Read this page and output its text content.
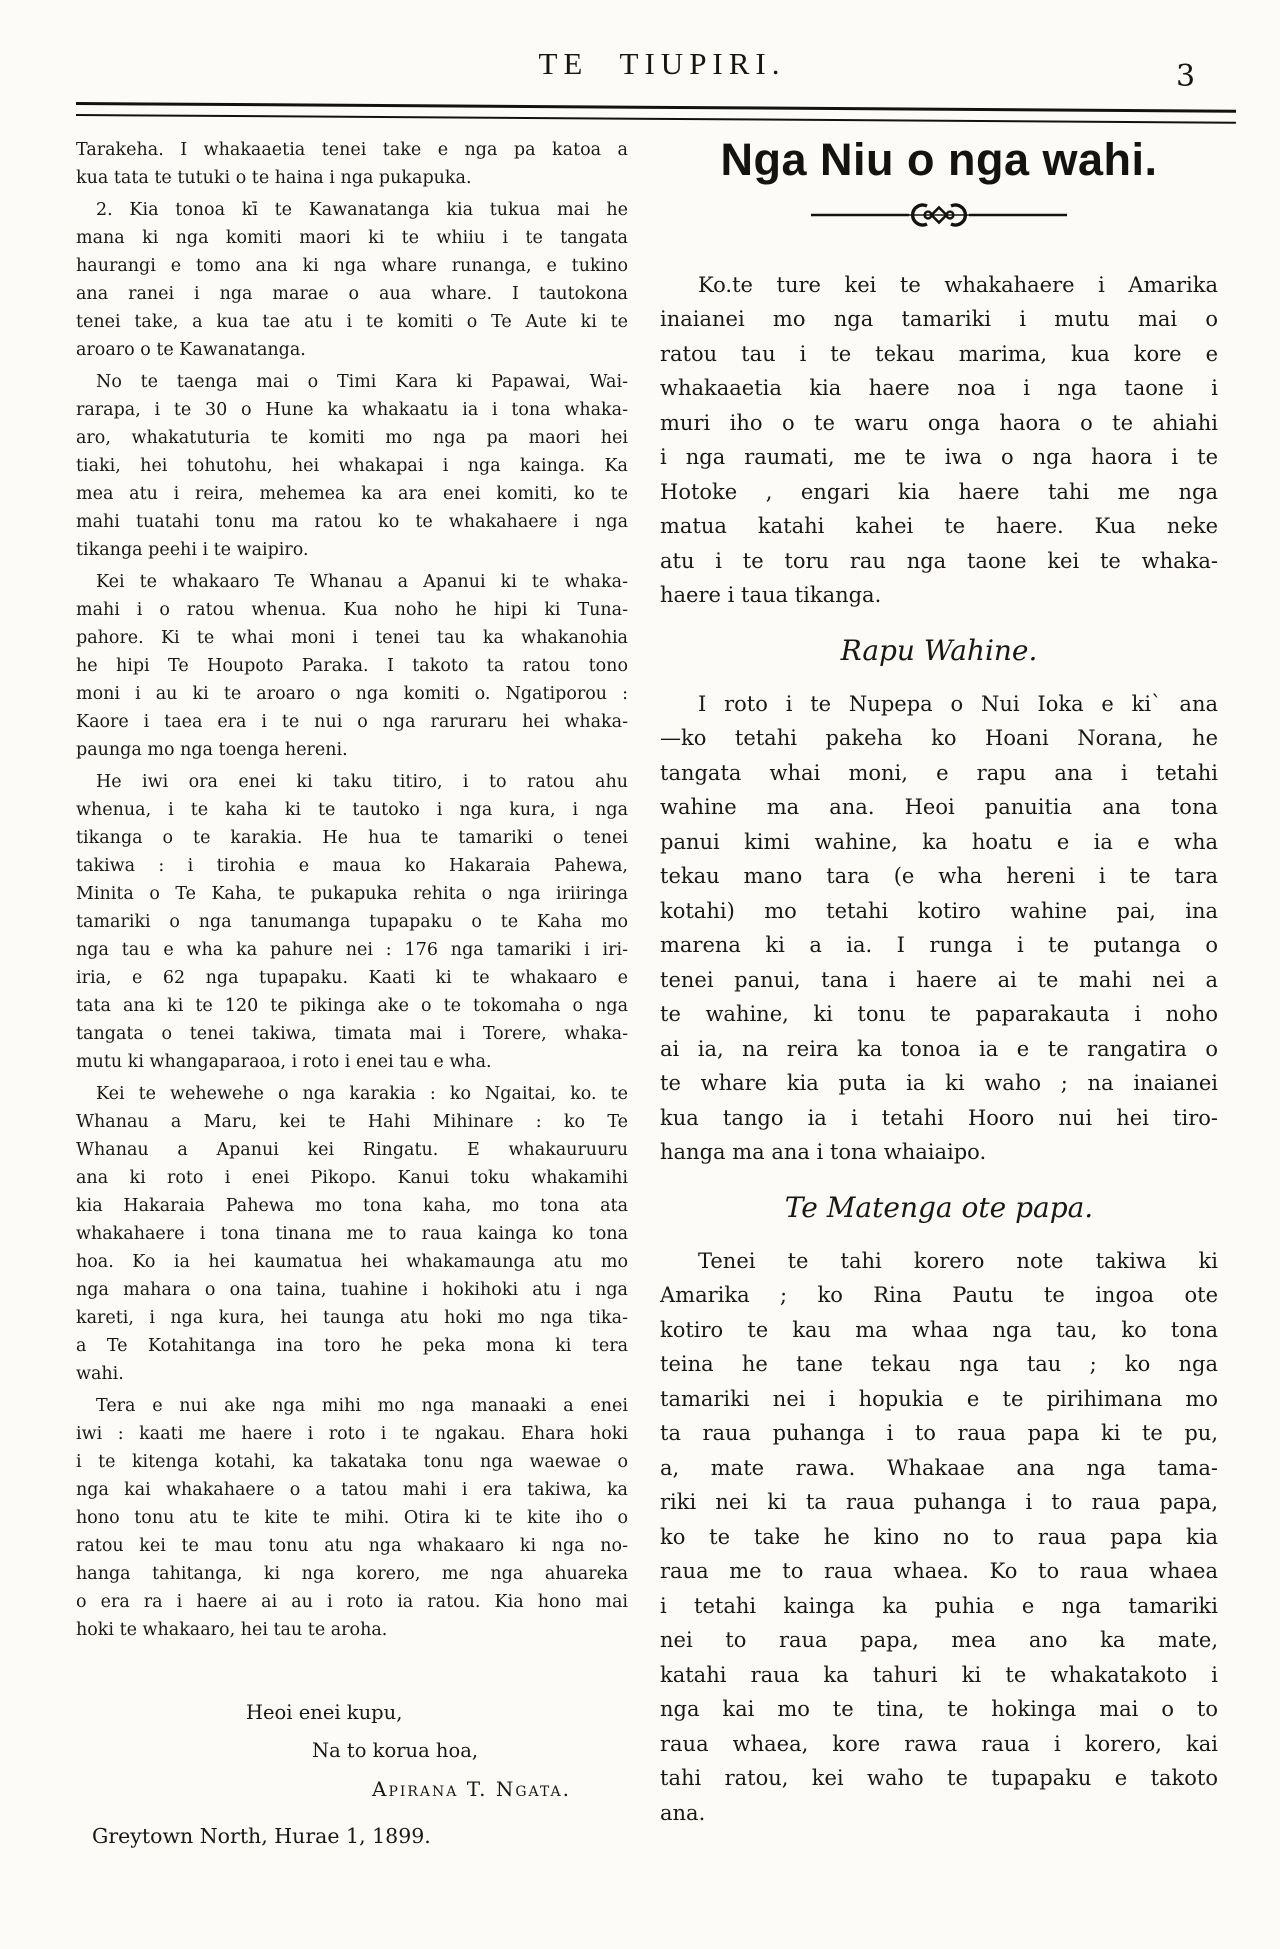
TE TIUPIRI.	3
Tarakeha. I whakaaetia tenei take e nga pa katoa a
kua tata te tutuki o te haina i nga pukapuka.
2. Kia tonoa kī te Kawanatanga kia tukua mai he
mana ki nga komiti maori ki te whiiu i te tangata
haurangi e tomo ana ki nga whare runanga, e tukino
ana ranei i nga marae o aua whare. I tautokona
tenei take, a kua tae atu i te komiti o Te Aute ki te
aroaro o te Kawanatanga.
No te taenga mai o Timi Kara ki Papawai, Wai-
rarapa, i te 30 o Hune ka whakaatu ia i tona whaka-
aro, whakatuturia te komiti mo nga pa maori hei
tiaki, hei tohutohu, hei whakapai i nga kainga. Ka
mea atu i reira, mehemea ka ara enei komiti, ko te
mahi tuatahi tonu ma ratou ko te whakahaere i nga
tikanga peehi i te waipiro.
Kei te whakaaro Te Whanau a Apanui ki te whaka-
mahi i o ratou whenua. Kua noho he hipi ki Tuna-
pahore. Ki te whai moni i tenei tau ka whakanohia
he hipi Te Houpoto Paraka. I takoto ta ratou tono
moni i au ki te aroaro o nga komiti o. Ngatiporou :
Kaore i taea era i te nui o nga raruraru hei whaka-
paunga mo nga toenga hereni.
He iwi ora enei ki taku titiro, i to ratou ahu
whenua, i te kaha ki te tautoko i nga kura, i nga
tikanga o te karakia. He hua te tamariki o tenei
takiwa : i tirohia e maua ko Hakaraia Pahewa,
Minita o Te Kaha, te pukapuka rehita o nga iriiringa
tamariki o nga tanumanga tupapaku o te Kaha mo
nga tau e wha ka pahure nei : 176 nga tamariki i iri-
iria, e 62 nga tupapaku. Kaati ki te whakaaro e
tata ana ki te 120 te pikinga ake o te tokomaha o nga
tangata o tenei takiwa, timata mai i Torere, whaka-
mutu ki whangaparaoa, i roto i enei tau e wha.
Kei te wehewehe o nga karakia : ko Ngaitai, ko. te
Whanau a Maru, kei te Hahi Mihinare : ko Te
Whanau a Apanui kei Ringatu. E whakauruuru
ana ki roto i enei Pikopo. Kanui toku whakamihi
kia Hakaraia Pahewa mo tona kaha, mo tona ata
whakahaere i tona tinana me to raua kainga ko tona
hoa. Ko ia hei kaumatua hei whakamaunga atu mo
nga mahara o ona taina, tuahine i hokihoki atu i nga
kareti, i nga kura, hei taunga atu hoki mo nga tika-
a Te Kotahitanga ina toro he peka mona ki tera
wahi.
Tera e nui ake nga mihi mo nga manaaki a enei
iwi : kaati me haere i roto i te ngakau. Ehara hoki
i te kitenga kotahi, ka takataka tonu nga waewae o
nga kai whakahaere o a tatou mahi i era takiwa, ka
hono tonu atu te kite te mihi. Otira ki te kite iho o
ratou kei te mau tonu atu nga whakaaro ki nga no-
hanga tahitanga, ki nga korero, me nga ahuareka
o era ra i haere ai au i roto ia ratou. Kia hono mai
hoki te whakaaro, hei tau te aroha.
Heoi enei kupu,
Na to korua hoa,
Apirana T. Ngata.
Greytown North, Hurae 1, 1899.
Nga Niu o nga wahi.
Ko.te ture kei te whakahaere i Amarika
inaianei mo nga tamariki i mutu mai o
ratou tau i te tekau marima, kua kore e
whakaaetia kia haere noa i nga taone i
muri iho o te waru onga haora o te ahiahi
i nga raumati, me te iwa o nga haora i te
Hotoke , engari kia haere tahi me nga
matua katahi kahei te haere. Kua neke
atu i te toru rau nga taone kei te whaka-
haere i taua tikanga.
Rapu Wahine.
I roto i te Nupepa o Nui Ioka e ki` ana
—ko tetahi pakeha ko Hoani Norana, he
tangata whai moni, e rapu ana i tetahi
wahine ma ana. Heoi panuitia ana tona
panui kimi wahine, ka hoatu e ia e wha
tekau mano tara (e wha hereni i te tara
kotahi) mo tetahi kotiro wahine pai, ina
marena ki a ia. I runga i te putanga o
tenei panui, tana i haere ai te mahi nei a
te wahine, ki tonu te paparakauta i noho
ai ia, na reira ka tonoa ia e te rangatira o
te whare kia puta ia ki waho ; na inaianei
kua tango ia i tetahi Hooro nui hei tiro-
hanga ma ana i tona whaiaipo.
Te Matenga ote papa.
Tenei te tahi korero note takiwa ki
Amarika ; ko Rina Pautu te ingoa ote
kotiro te kau ma whaa nga tau, ko tona
teina he tane tekau nga tau ; ko nga
tamariki nei i hopukia e te pirihimana mo
ta raua puhanga i to raua papa ki te pu,
a, mate rawa. Whakaae ana nga tama-
riki nei ki ta raua puhanga i to raua papa,
ko te take he kino no to raua papa kia
raua me to raua whaea. Ko to raua whaea
i tetahi kainga ka puhia e nga tamariki
nei to raua papa, mea ano ka mate,
katahi raua ka tahuri ki te whakatakoto i
nga kai mo te tina, te hokinga mai o to
raua whaea, kore rawa raua i korero, kai
tahi ratou, kei waho te tupapaku e takoto
ana.
